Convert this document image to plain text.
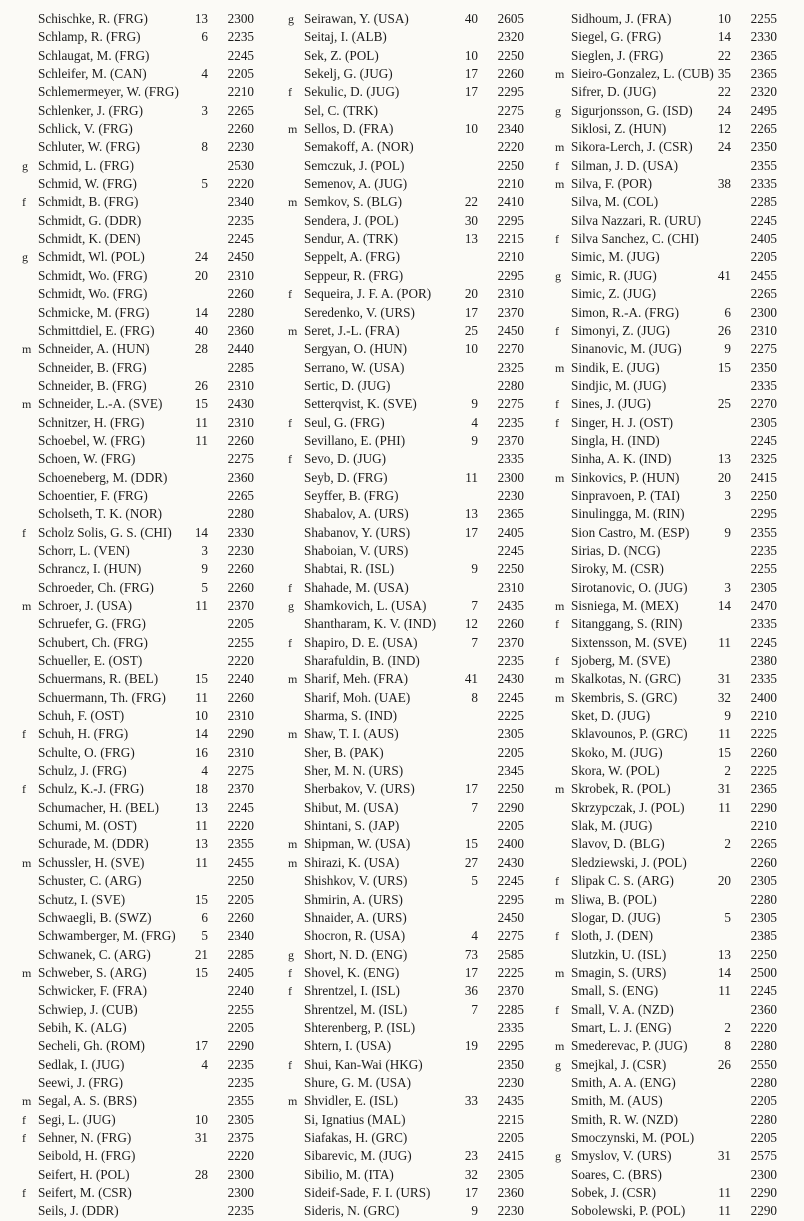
Schischke, R. (FRG)	13	2300
Schlamp, R. (FRG)	6	2235
Schlaugat, M. (FRG)	2245
Schleifer, M. (CAN)	4	2205
Schlemermeyer, W. (FRG)	2210
Schlenker, J. (FRG)	3	2265
Schlick, V. (FRG)	2260
Schluter, W. (FRG)	8	2230
g Schmid, L. (FRG)	2530
Schmid, W. (FRG)	5	2220
f Schmidt, B. (FRG)	2340
Schmidt, G. (DDR)	2235
Schmidt, K. (DEN)	2245
g Schmidt, Wl. (POL)	24	2450
Schmidt, Wo. (FRG)	20	2310
Schmidt, Wo. (FRG)	2260
Schmicke, M. (FRG)	14	2280
Schmittdiel, E. (FRG)	40	2360
m Schneider, A. (HUN)	28	2440
Schneider, B. (FRG)	2285
Schneider, B. (FRG)	26	2310
m Schneider, L.-A. (SVE)	15	2430
Schnitzer, H. (FRG)	11	2310
Schoebel, W. (FRG)	11	2260
Schoen, W. (FRG)	2275
Schoeneberg, M. (DDR)	2360
Schoentier, F. (FRG)	2265
Scholseth, T. K. (NOR)	2280
f Scholz Solis, G. S. (CHI)	14	2330
Schorr, L. (VEN)	3	2230
Schrancz, I. (HUN)	9	2260
Schroeder, Ch. (FRG)	5	2260
m Schroer, J. (USA)	11	2370
Schruefer, G. (FRG)	2205
Schubert, Ch. (FRG)	2255
Schueller, E. (OST)	2220
Schuermans, R. (BEL)	15	2240
Schuermann, Th. (FRG)	11	2260
Schuh, F. (OST)	10	2310
f Schuh, H. (FRG)	14	2290
Schulte, O. (FRG)	16	2310
Schulz, J. (FRG)	4	2275
f Schulz, K.-J. (FRG)	18	2370
Schumacher, H. (BEL)	13	2245
Schumi, M. (OST)	11	2220
Schurade, M. (DDR)	13	2355
m Schussler, H. (SVE)	11	2455
Schuster, C. (ARG)	2250
Schutz, I. (SVE)	15	2205
Schwaegli, B. (SWZ)	6	2260
Schwamberger, M. (FRG)	5	2340
Schwanek, C. (ARG)	21	2285
m Schweber, S. (ARG)	15	2405
Schwicker, F. (FRA)	2240
Schwiep, J. (CUB)	2255
Sebih, K. (ALG)	2205
Secheli, Gh. (ROM)	17	2290
Sedlak, I. (JUG)	4	2235
Seewi, J. (FRG)	2235
m Segal, A. S. (BRS)	2355
f Segi, L. (JUG)	10	2305
f Sehner, N. (FRG)	31	2375
Seibold, H. (FRG)	2220
Seifert, H. (POL)	28	2300
f Seifert, M. (CSR)	2300
Seils, J. (DDR)	2235
g Seirawan, Y. (USA)	40	2605
Seitaj, I. (ALB)	2320
Sek, Z. (POL)	10	2250
Sekelj, G. (JUG)	17	2260
f Sekulic, D. (JUG)	17	2295
Sel, C. (TRK)	2275
m Sellos, D. (FRA)	10	2340
Semakoff, A. (NOR)	2220
Semczuk, J. (POL)	2250
Semenov, A. (JUG)	2210
m Semkov, S. (BLG)	22	2410
Sendera, J. (POL)	30	2295
Sendur, A. (TRK)	13	2215
Seppelt, A. (FRG)	2210
Seppeur, R. (FRG)	2295
f Sequeira, J. F. A. (POR)	20	2310
Seredenko, V. (URS)	17	2370
m Seret, J.-L. (FRA)	25	2450
Sergyan, O. (HUN)	10	2270
Serrano, W. (USA)	2325
Sertic, D. (JUG)	2280
Setterqvist, K. (SVE)	9	2275
f Seul, G. (FRG)	4	2235
Sevillano, E. (PHI)	9	2370
f Sevo, D. (JUG)	2335
Seyb, D. (FRG)	11	2300
Seyffer, B. (FRG)	2230
Shabalov, A. (URS)	13	2365
Shabanov, Y. (URS)	17	2405
Shaboian, V. (URS)	2245
Shabtai, R. (ISL)	9	2250
f Shahade, M. (USA)	2310
g Shamkovich, L. (USA)	7	2435
Shantharam, K. V. (IND)	12	2260
f Shapiro, D. E. (USA)	7	2370
Sharafuldin, B. (IND)	2235
m Sharif, Meh. (FRA)	41	2430
Sharif, Moh. (UAE)	8	2245
Sharma, S. (IND)	2225
m Shaw, T. I. (AUS)	2305
Sher, B. (PAK)	2205
Sher, M. N. (URS)	2345
Sherbakov, V. (URS)	17	2250
Shibut, M. (USA)	7	2290
Shintani, S. (JAP)	2205
m Shipman, W. (USA)	15	2400
m Shirazi, K. (USA)	27	2430
Shishkov, V. (URS)	5	2245
Shmirin, A. (URS)	2295
Shnaider, A. (URS)	2450
Shocron, R. (USA)	4	2275
g Short, N. D. (ENG)	73	2585
f Shovel, K. (ENG)	17	2225
f Shrentzel, I. (ISL)	36	2370
Shrentzel, M. (ISL)	7	2285
Shterenberg, P. (ISL)	2335
Shtern, I. (USA)	19	2295
f Shui, Kan-Wai (HKG)	2350
Shure, G. M. (USA)	2230
m Shvidler, E. (ISL)	33	2435
Si, Ignatius (MAL)	2215
Siafakas, H. (GRC)	2205
Sibarevic, M. (JUG)	23	2415
Sibilio, M. (ITA)	32	2305
Sideif-Sade, F. I. (URS)	17	2360
Sideris, N. (GRC)	9	2230
Sidhoum, J. (FRA)	10	2255
Siegel, G. (FRG)	14	2330
Sieglen, J. (FRG)	22	2365
m Sieiro-Gonzalez, L. (CUB) 35	2365
Sifrer, D. (JUG)	22	2320
g Sigurjonsson, G. (ISD)	24	2495
Siklosi, Z. (HUN)	12	2265
m Sikora-Lerch, J. (CSR)	24	2350
f Silman, J. D. (USA)	2355
m Silva, F. (POR)	38	2335
Silva, M. (COL)	2285
Silva Nazzari, R. (URU)	2245
f Silva Sanchez, C. (CHI)	2405
Simic, M. (JUG)	2205
g Simic, R. (JUG)	41	2455
Simic, Z. (JUG)	2265
Simon, R.-A. (FRG)	6	2300
f Simonyi, Z. (JUG)	26	2310
Sinanovic, M. (JUG)	9	2275
m Sindik, E. (JUG)	15	2350
Sindjic, M. (JUG)	2335
f Sines, J. (JUG)	25	2270
f Singer, H. J. (OST)	2305
Singla, H. (IND)	2245
Sinha, A. K. (IND)	13	2325
m Sinkovics, P. (HUN)	20	2415
Sinpravoen, P. (TAI)	3	2250
Sinulingga, M. (RIN)	2295
Sion Castro, M. (ESP)	9	2355
Sirias, D. (NCG)	2235
Siroky, M. (CSR)	2255
Sirotanovic, O. (JUG)	3	2305
m Sisniega, M. (MEX)	14	2470
f Sitanggang, S. (RIN)	2335
Sixtensson, M. (SVE)	11	2245
f Sjoberg, M. (SVE)	2380
m Skalkotas, N. (GRC)	31	2335
m Skembris, S. (GRC)	32	2400
Sket, D. (JUG)	9	2210
Sklavounos, P. (GRC)	11	2225
Skoko, M. (JUG)	15	2260
Skora, W. (POL)	2	2225
m Skrobek, R. (POL)	31	2365
Skrzypczak, J. (POL)	11	2290
Slak, M. (JUG)	2210
Slavov, D. (BLG)	2	2265
Sledziewski, J. (POL)	2260
f Slipak C. S. (ARG)	20	2305
m Sliwa, B. (POL)	2280
Slogar, D. (JUG)	5	2305
f Sloth, J. (DEN)	2385
Slutzkin, U. (ISL)	13	2250
m Smagin, S. (URS)	14	2500
Small, S. (ENG)	11	2245
f Small, V. A. (NZD)	2360
Smart, L. J. (ENG)	2	2220
m Smederevac, P. (JUG)	8	2280
g Smejkal, J. (CSR)	26	2550
Smith, A. A. (ENG)	2280
Smith, M. (AUS)	2205
Smith, R. W. (NZD)	2280
Smoczynski, M. (POL)	2205
g Smyslov, V. (URS)	31	2575
Soares, C. (BRS)	2300
Sobek, J. (CSR)	11	2290
Sobolewski, P. (POL)	11	2290
